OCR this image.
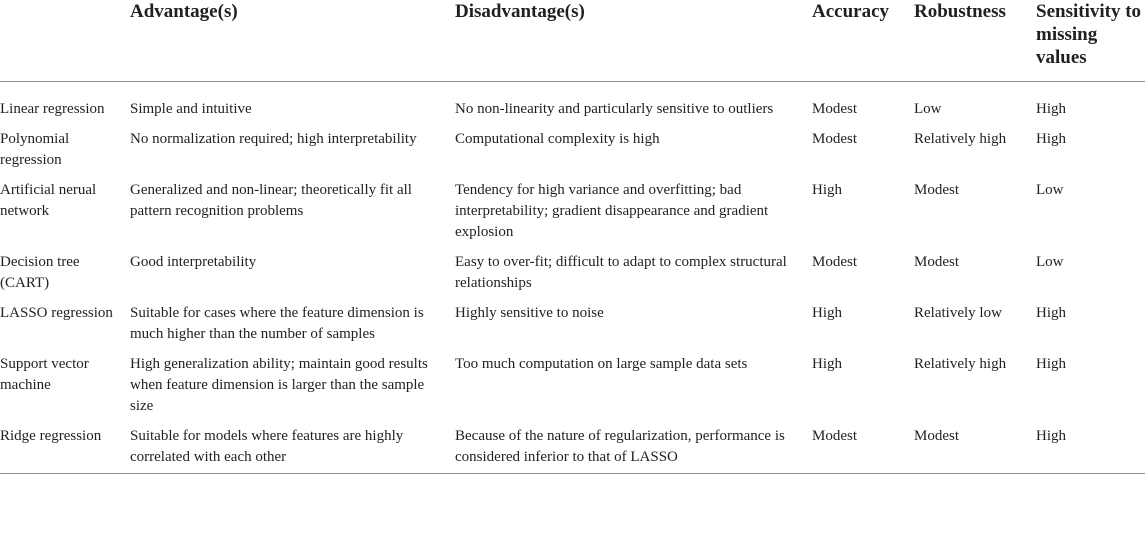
	Advantage(s)	Disadvantage(s)	Accuracy	Robustness	Sensitivity to missing values
Linear regression	Simple and intuitive	No non-linearity and particularly sensitive to outliers	Modest	Low	High
Polynomial regression	No normalization required; high interpretability	Computational complexity is high	Modest	Relatively high	High
Artificial nerual network	Generalized and non-linear; theoretically fit all pattern recognition problems	Tendency for high variance and overfitting; bad interpretability; gradient disappearance and gradient explosion	High	Modest	Low
Decision tree (CART)	Good interpretability	Easy to over-fit; difficult to adapt to complex structural relationships	Modest	Modest	Low
LASSO regression	Suitable for cases where the feature dimension is much higher than the number of samples	Highly sensitive to noise	High	Relatively low	High
Support vector machine	High generalization ability; maintain good results when feature dimension is larger than the sample size	Too much computation on large sample data sets	High	Relatively high	High
Ridge regression	Suitable for models where features are highly correlated with each other	Because of the nature of regularization, performance is considered inferior to that of LASSO	Modest	Modest	High
